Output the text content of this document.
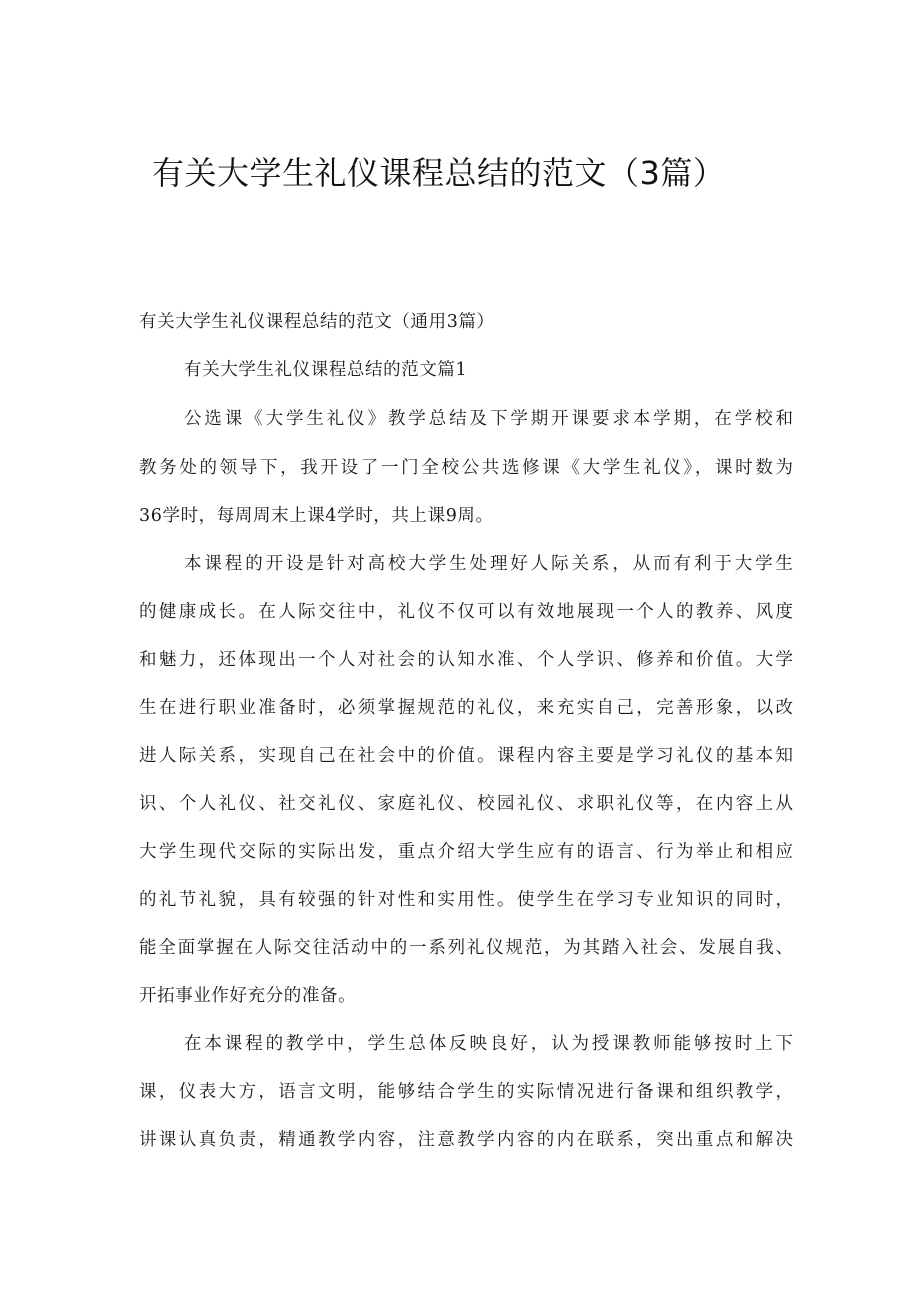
有关大学生礼仪课程总结的范文（3篇）

有关大学生礼仪课程总结的范文（通用3篇）

有关大学生礼仪课程总结的范文篇1

公选课《大学生礼仪》教学总结及下学期开课要求本学期，在学校和

教务处的领导下，我开设了一门全校公共选修课《大学生礼仪》，课时数为

36学时，每周周末上课4学时，共上课9周。

本课程的开设是针对高校大学生处理好人际关系，从而有利于大学生

的健康成长。在人际交往中，礼仪不仅可以有效地展现一个人的教养、风度

和魅力，还体现出一个人对社会的认知水准、个人学识、修养和价值。大学

生在进行职业准备时，必须掌握规范的礼仪，来充实自己，完善形象，以改

进人际关系，实现自己在社会中的价值。课程内容主要是学习礼仪的基本知

识、个人礼仪、社交礼仪、家庭礼仪、校园礼仪、求职礼仪等，在内容上从

大学生现代交际的实际出发，重点介绍大学生应有的语言、行为举止和相应

的礼节礼貌，具有较强的针对性和实用性。使学生在学习专业知识的同时，

能全面掌握在人际交往活动中的一系列礼仪规范，为其踏入社会、发展自我、

开拓事业作好充分的准备。

在本课程的教学中，学生总体反映良好，认为授课教师能够按时上下

课，仪表大方，语言文明，能够结合学生的实际情况进行备课和组织教学，

讲课认真负责，精通教学内容，注意教学内容的内在联系，突出重点和解决
